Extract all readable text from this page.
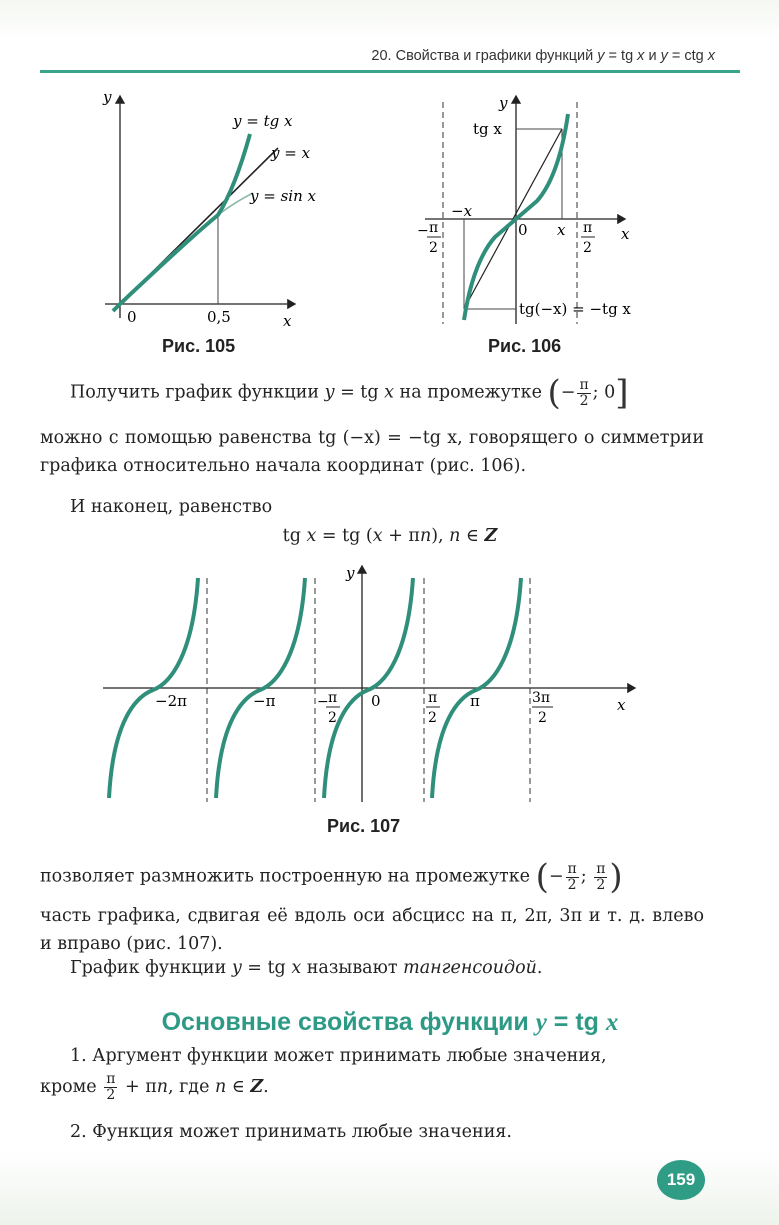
20. Свойства и графики функций y = tg x и y = ctg x
y
x
0	0,5
y = tg x
y = x
y = sin x
Рис. 105
y
x
0
tg x
−x
x
− π
2
π
2
tg(−x) = −tg x
Рис. 106
Получить график функции y = tg x на промежутке (− $\frac{\pi}{2}$ ; 0]
можно с помощью равенства tg (−x) = −tg x, говорящего о симметрии графика относительно начала координат (рис. 106).
И наконец, равенство
tg x = tg (x + πn), n ∈ Z
y
x
0
−2π	−π	π
− π
2
π
2
3π
2
Рис. 107
позволяет размножить построенную на промежутке (− $\frac{\pi}{2}$ ; $\frac{\pi}{2}$ )
часть графика, сдвигая её вдоль оси абсцисс на π, 2π, 3π и т. д. влево и вправо (рис. 107).
График функции y = tg x называют тангенсоидой.
Основные свойства функции y = tg x
1. Аргумент функции может принимать любые значения,
кроме $\frac{\pi}{2} + \pi n$, где n ∈ Z.
2. Функция может принимать любые значения.
159
